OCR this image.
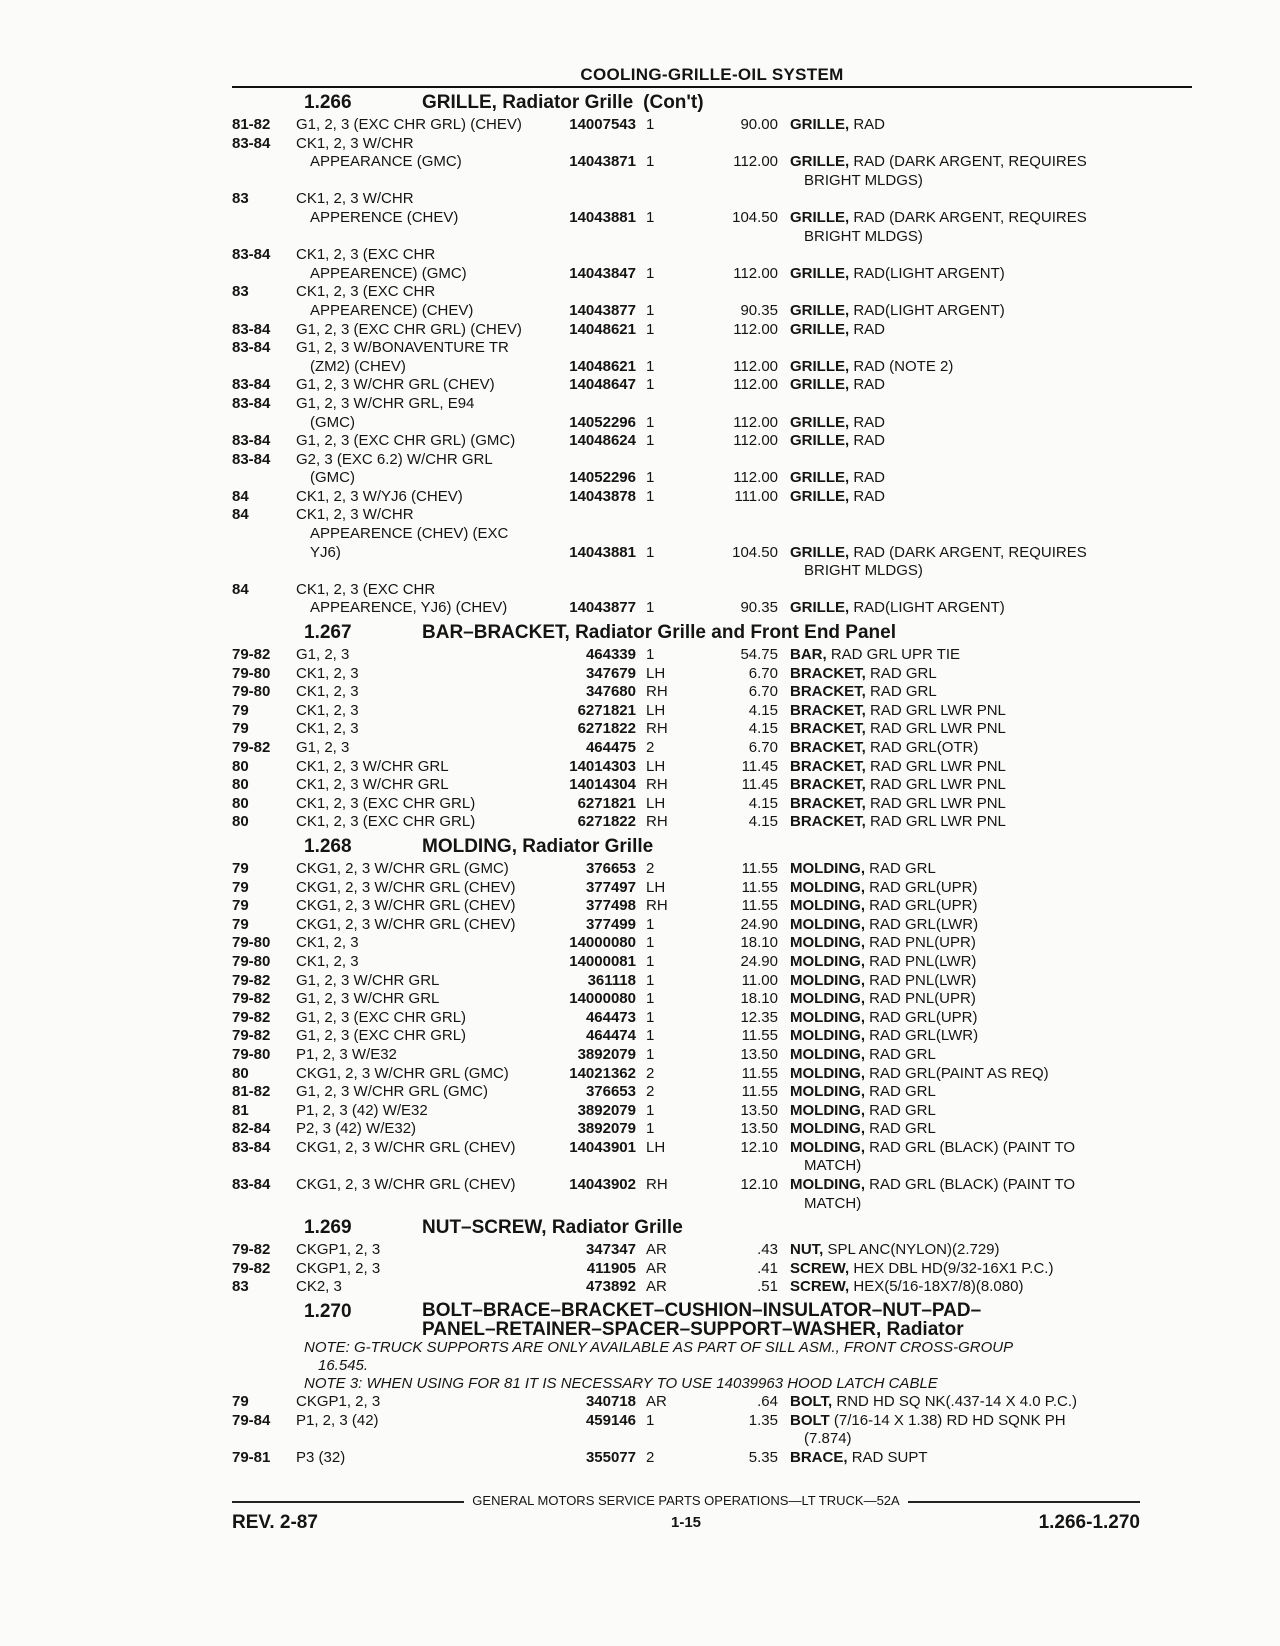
COOLING-GRILLE-OIL SYSTEM
1.266	GRILLE, Radiator Grille (Con't)
81-82	G1, 2, 3 (EXC CHR GRL) (CHEV)	14007543 1	90.00 GRILLE, RAD
83-84	CK1, 2, 3 W/CHR
APPEARANCE (GMC)	14043871 1	112.00 GRILLE, RAD (DARK ARGENT, REQUIRES
BRIGHT MLDGS)
83	CK1, 2, 3 W/CHR
APPERENCE (CHEV)	14043881 1	104.50 GRILLE, RAD (DARK ARGENT, REQUIRES
BRIGHT MLDGS)
83-84	CK1, 2, 3 (EXC CHR
APPEARENCE) (GMC)	14043847 1	112.00 GRILLE, RAD(LIGHT ARGENT)
83	CK1, 2, 3 (EXC CHR
APPEARENCE) (CHEV)	14043877 1	90.35 GRILLE, RAD(LIGHT ARGENT)
83-84	G1, 2, 3 (EXC CHR GRL) (CHEV)	14048621 1	112.00 GRILLE, RAD
83-84	G1, 2, 3 W/BONAVENTURE TR
(ZM2) (CHEV)	14048621 1	112.00 GRILLE, RAD (NOTE 2)
83-84	G1, 2, 3 W/CHR GRL (CHEV)	14048647 1	112.00 GRILLE, RAD
83-84	G1, 2, 3 W/CHR GRL, E94
(GMC)	14052296 1	112.00 GRILLE, RAD
83-84	G1, 2, 3 (EXC CHR GRL) (GMC)	14048624 1	112.00 GRILLE, RAD
83-84	G2, 3 (EXC 6.2) W/CHR GRL
(GMC)	14052296 1	112.00 GRILLE, RAD
84	CK1, 2, 3 W/YJ6 (CHEV)	14043878 1	111.00 GRILLE, RAD
84	CK1, 2, 3 W/CHR
APPEARENCE (CHEV) (EXC
YJ6)	14043881 1	104.50 GRILLE, RAD (DARK ARGENT, REQUIRES
BRIGHT MLDGS)
84	CK1, 2, 3 (EXC CHR
APPEARENCE, YJ6) (CHEV)	14043877 1	90.35 GRILLE, RAD(LIGHT ARGENT)
1.267	BAR–BRACKET, Radiator Grille and Front End Panel
79-82	G1, 2, 3	464339 1	54.75 BAR, RAD GRL UPR TIE
79-80	CK1, 2, 3	347679 LH	6.70 BRACKET, RAD GRL
79-80	CK1, 2, 3	347680 RH	6.70 BRACKET, RAD GRL
79	CK1, 2, 3	6271821 LH	4.15 BRACKET, RAD GRL LWR PNL
79	CK1, 2, 3	6271822 RH	4.15 BRACKET, RAD GRL LWR PNL
79-82	G1, 2, 3	464475 2	6.70 BRACKET, RAD GRL(OTR)
80	CK1, 2, 3 W/CHR GRL	14014303 LH	11.45 BRACKET, RAD GRL LWR PNL
80	CK1, 2, 3 W/CHR GRL	14014304 RH	11.45 BRACKET, RAD GRL LWR PNL
80	CK1, 2, 3 (EXC CHR GRL)	6271821 LH	4.15 BRACKET, RAD GRL LWR PNL
80	CK1, 2, 3 (EXC CHR GRL)	6271822 RH	4.15 BRACKET, RAD GRL LWR PNL
1.268	MOLDING, Radiator Grille
79	CKG1, 2, 3 W/CHR GRL (GMC)	376653 2	11.55 MOLDING, RAD GRL
79	CKG1, 2, 3 W/CHR GRL (CHEV)	377497 LH	11.55 MOLDING, RAD GRL(UPR)
79	CKG1, 2, 3 W/CHR GRL (CHEV)	377498 RH	11.55 MOLDING, RAD GRL(UPR)
79	CKG1, 2, 3 W/CHR GRL (CHEV)	377499 1	24.90 MOLDING, RAD GRL(LWR)
79-80	CK1, 2, 3	14000080 1	18.10 MOLDING, RAD PNL(UPR)
79-80	CK1, 2, 3	14000081 1	24.90 MOLDING, RAD PNL(LWR)
79-82	G1, 2, 3 W/CHR GRL	361118 1	11.00 MOLDING, RAD PNL(LWR)
79-82	G1, 2, 3 W/CHR GRL	14000080 1	18.10 MOLDING, RAD PNL(UPR)
79-82	G1, 2, 3 (EXC CHR GRL)	464473 1	12.35 MOLDING, RAD GRL(UPR)
79-82	G1, 2, 3 (EXC CHR GRL)	464474 1	11.55 MOLDING, RAD GRL(LWR)
79-80	P1, 2, 3 W/E32	3892079 1	13.50 MOLDING, RAD GRL
80	CKG1, 2, 3 W/CHR GRL (GMC)	14021362 2	11.55 MOLDING, RAD GRL(PAINT AS REQ)
81-82	G1, 2, 3 W/CHR GRL (GMC)	376653 2	11.55 MOLDING, RAD GRL
81	P1, 2, 3 (42) W/E32	3892079 1	13.50 MOLDING, RAD GRL
82-84	P2, 3 (42) W/E32)	3892079 1	13.50 MOLDING, RAD GRL
83-84	CKG1, 2, 3 W/CHR GRL (CHEV)	14043901 LH	12.10 MOLDING, RAD GRL (BLACK) (PAINT TO
MATCH)
83-84	CKG1, 2, 3 W/CHR GRL (CHEV)	14043902 RH	12.10 MOLDING, RAD GRL (BLACK) (PAINT TO
MATCH)
1.269	NUT–SCREW, Radiator Grille
79-82	CKGP1, 2, 3	347347 AR	.43 NUT, SPL ANC(NYLON)(2.729)
79-82	CKGP1, 2, 3	411905 AR	.41 SCREW, HEX DBL HD(9/32-16X1 P.C.)
83	CK2, 3	473892 AR	.51 SCREW, HEX(5/16-18X7/8)(8.080)
1.270	BOLT–BRACE–BRACKET–CUSHION–INSULATOR–NUT–PAD–
PANEL–RETAINER–SPACER–SUPPORT–WASHER, Radiator
NOTE: G-TRUCK SUPPORTS ARE ONLY AVAILABLE AS PART OF SILL ASM., FRONT CROSS-GROUP
16.545.
NOTE 3: WHEN USING FOR 81 IT IS NECESSARY TO USE 14039963 HOOD LATCH CABLE
79	CKGP1, 2, 3	340718 AR	.64 BOLT, RND HD SQ NK(.437-14 X 4.0 P.C.)
79-84	P1, 2, 3 (42)	459146 1	1.35 BOLT (7/16-14 X 1.38) RD HD SQNK PH
(7.874)
79-81	P3 (32)	355077 2	5.35 BRACE, RAD SUPT
GENERAL MOTORS SERVICE PARTS OPERATIONS—LT TRUCK—52A
REV. 2-87	1-15	1.266-1.270
